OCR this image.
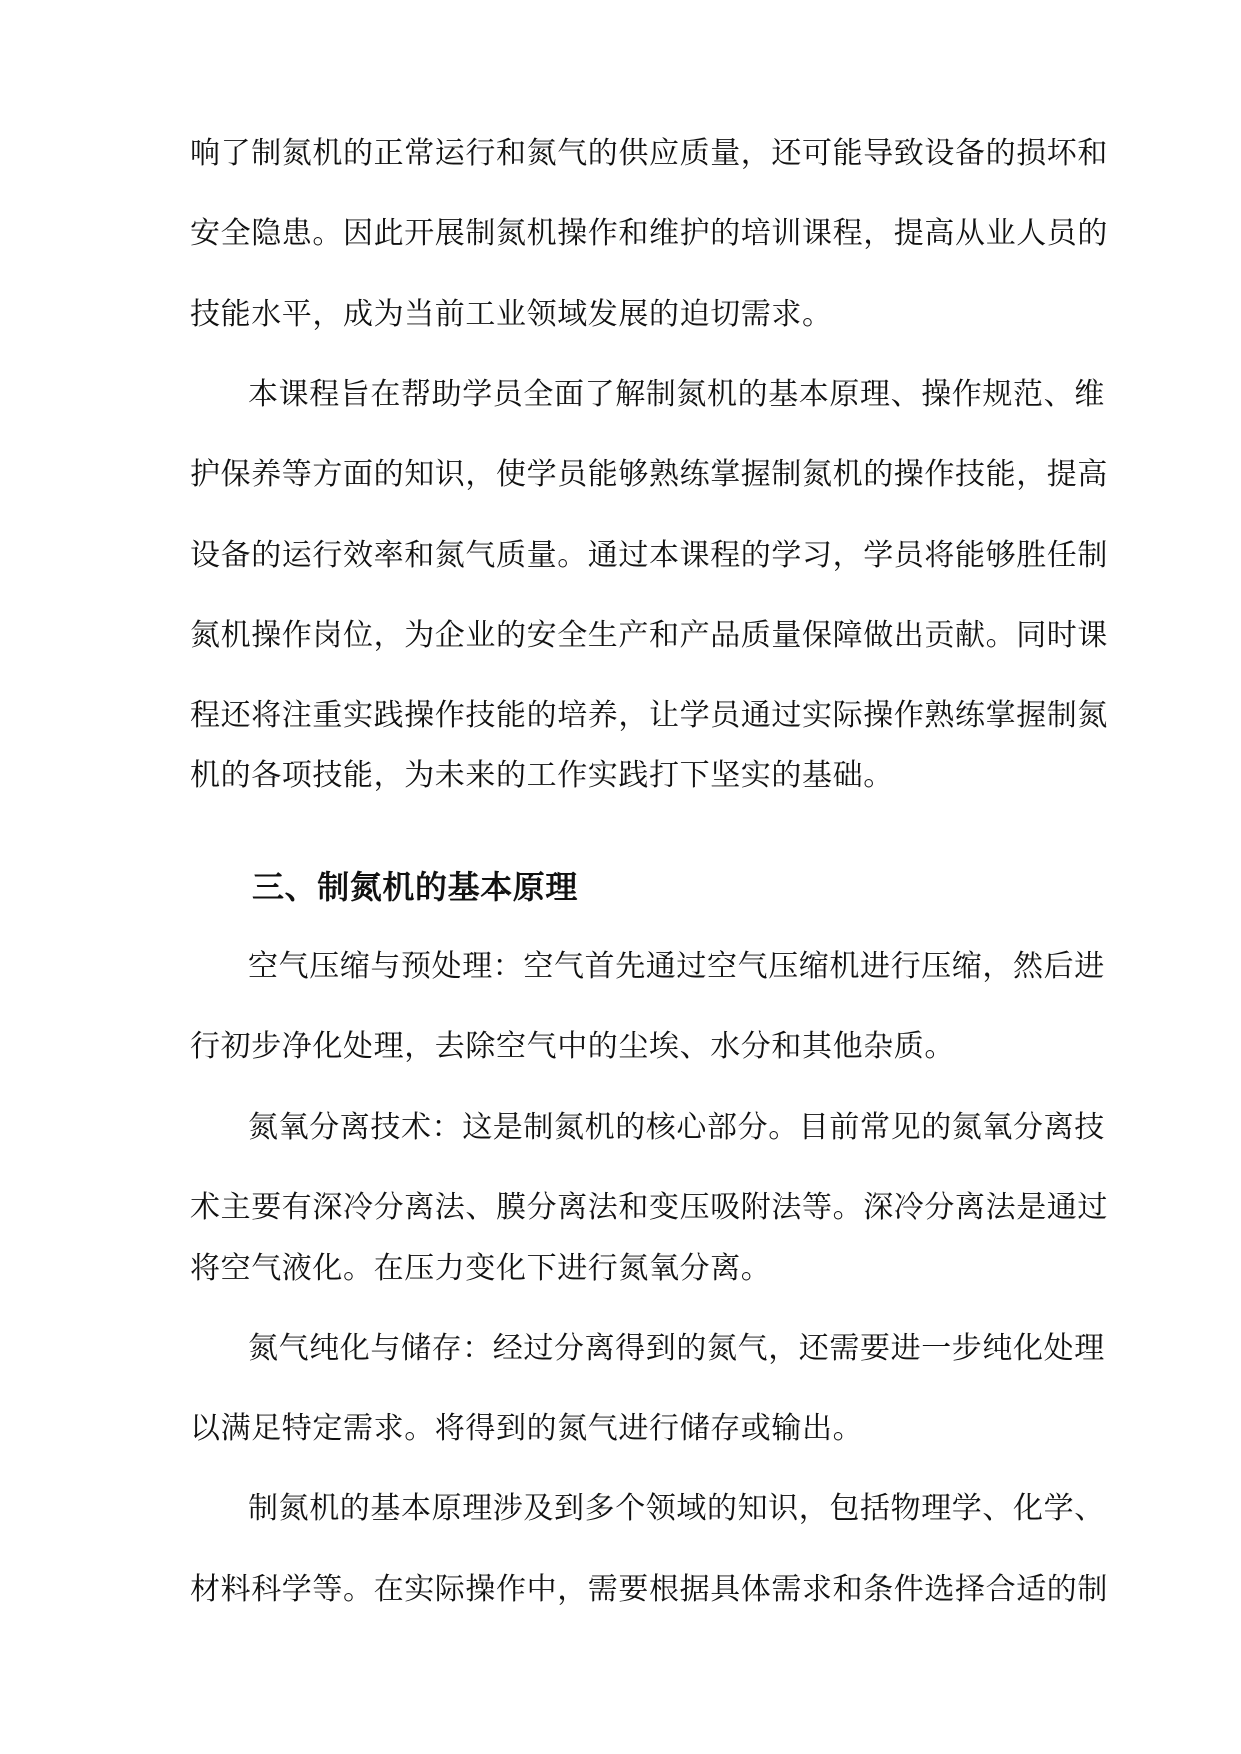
响了制氮机的正常运行和氮气的供应质量，还可能导致设备的损坏和

安全隐患。因此开展制氮机操作和维护的培训课程，提高从业人员的

技能水平，成为当前工业领域发展的迫切需求。

本课程旨在帮助学员全面了解制氮机的基本原理、操作规范、维

护保养等方面的知识，使学员能够熟练掌握制氮机的操作技能，提高

设备的运行效率和氮气质量。通过本课程的学习，学员将能够胜任制

氮机操作岗位，为企业的安全生产和产品质量保障做出贡献。同时课

程还将注重实践操作技能的培养，让学员通过实际操作熟练掌握制氮

机的各项技能，为未来的工作实践打下坚实的基础。

三、制氮机的基本原理

空气压缩与预处理：空气首先通过空气压缩机进行压缩，然后进

行初步净化处理，去除空气中的尘埃、水分和其他杂质。

氮氧分离技术：这是制氮机的核心部分。目前常见的氮氧分离技

术主要有深冷分离法、膜分离法和变压吸附法等。深冷分离法是通过

将空气液化。在压力变化下进行氮氧分离。

氮气纯化与储存：经过分离得到的氮气，还需要进一步纯化处理

以满足特定需求。将得到的氮气进行储存或输出。

制氮机的基本原理涉及到多个领域的知识，包括物理学、化学、

材料科学等。在实际操作中，需要根据具体需求和条件选择合适的制
